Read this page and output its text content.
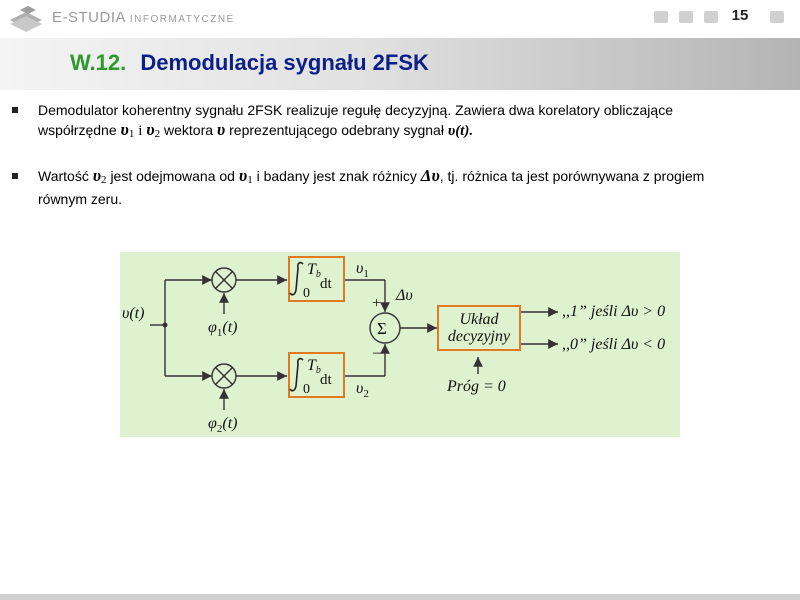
E-STUDIA INFORMATYCZNE	15
W.12. Demodulacja sygnału 2FSK
Demodulator koherentny sygnału 2FSK realizuje regułę decyzyjną. Zawiera dwa korelatory obliczające
współrzędne υ1 i υ2 wektora υ reprezentującego odebrany sygnał υ(t).
Wartość υ2 jest odejmowana od υ1 i badany jest znak różnicy Δυ, tj. różnica ta jest porównywana z progiem
równym zeru.
υ(t)
$\varphi_1(t)$
$\varphi_2(t)$
Tb
0
dt
Tb
0
dt
$\upsilon_1$
$\upsilon_2$
+
–
Δυ
Σ	Układ
decyzyjny
,,1” jeśli Δυ > 0
,,0” jeśli Δυ < 0
Próg = 0
